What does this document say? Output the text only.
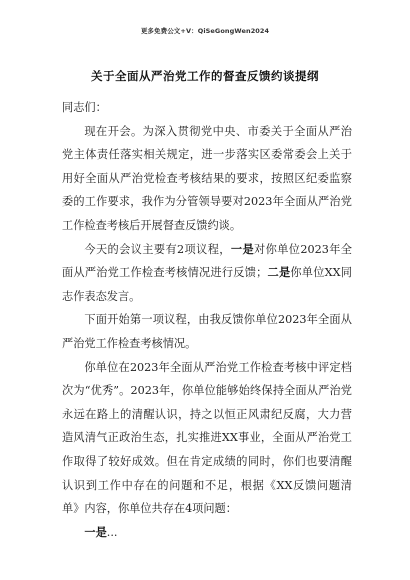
更多免费公文+V：QiSeGongWen2024
关于全面从严治党工作的督查反馈约谈提纲

同志们：

现在开会。为深入贯彻党中央、市委关于全面从严治党主体责任落实相关规定，进一步落实区委常委会上关于用好全面从严治党检查考核结果的要求，按照区纪委监察委的工作要求，我作为分管领导要对2023年全面从严治党工作检查考核后开展督查反馈约谈。

今天的会议主要有2项议程，一是对你单位2023年全面从严治党工作检查考核情况进行反馈；二是你单位XX同志作表态发言。

下面开始第一项议程，由我反馈你单位2023年全面从严治党工作检查考核情况。

你单位在2023年全面从严治党工作检查考核中评定档次为“优秀”。2023年，你单位能够始终保持全面从严治党永远在路上的清醒认识，持之以恒正风肃纪反腐，大力营造风清气正政治生态，扎实推进XX事业，全面从严治党工作取得了较好成效。但在肯定成绩的同时，你们也要清醒认识到工作中存在的问题和不足，根据《XX反馈问题清单》内容，你单位共存在4项问题：

一是...
